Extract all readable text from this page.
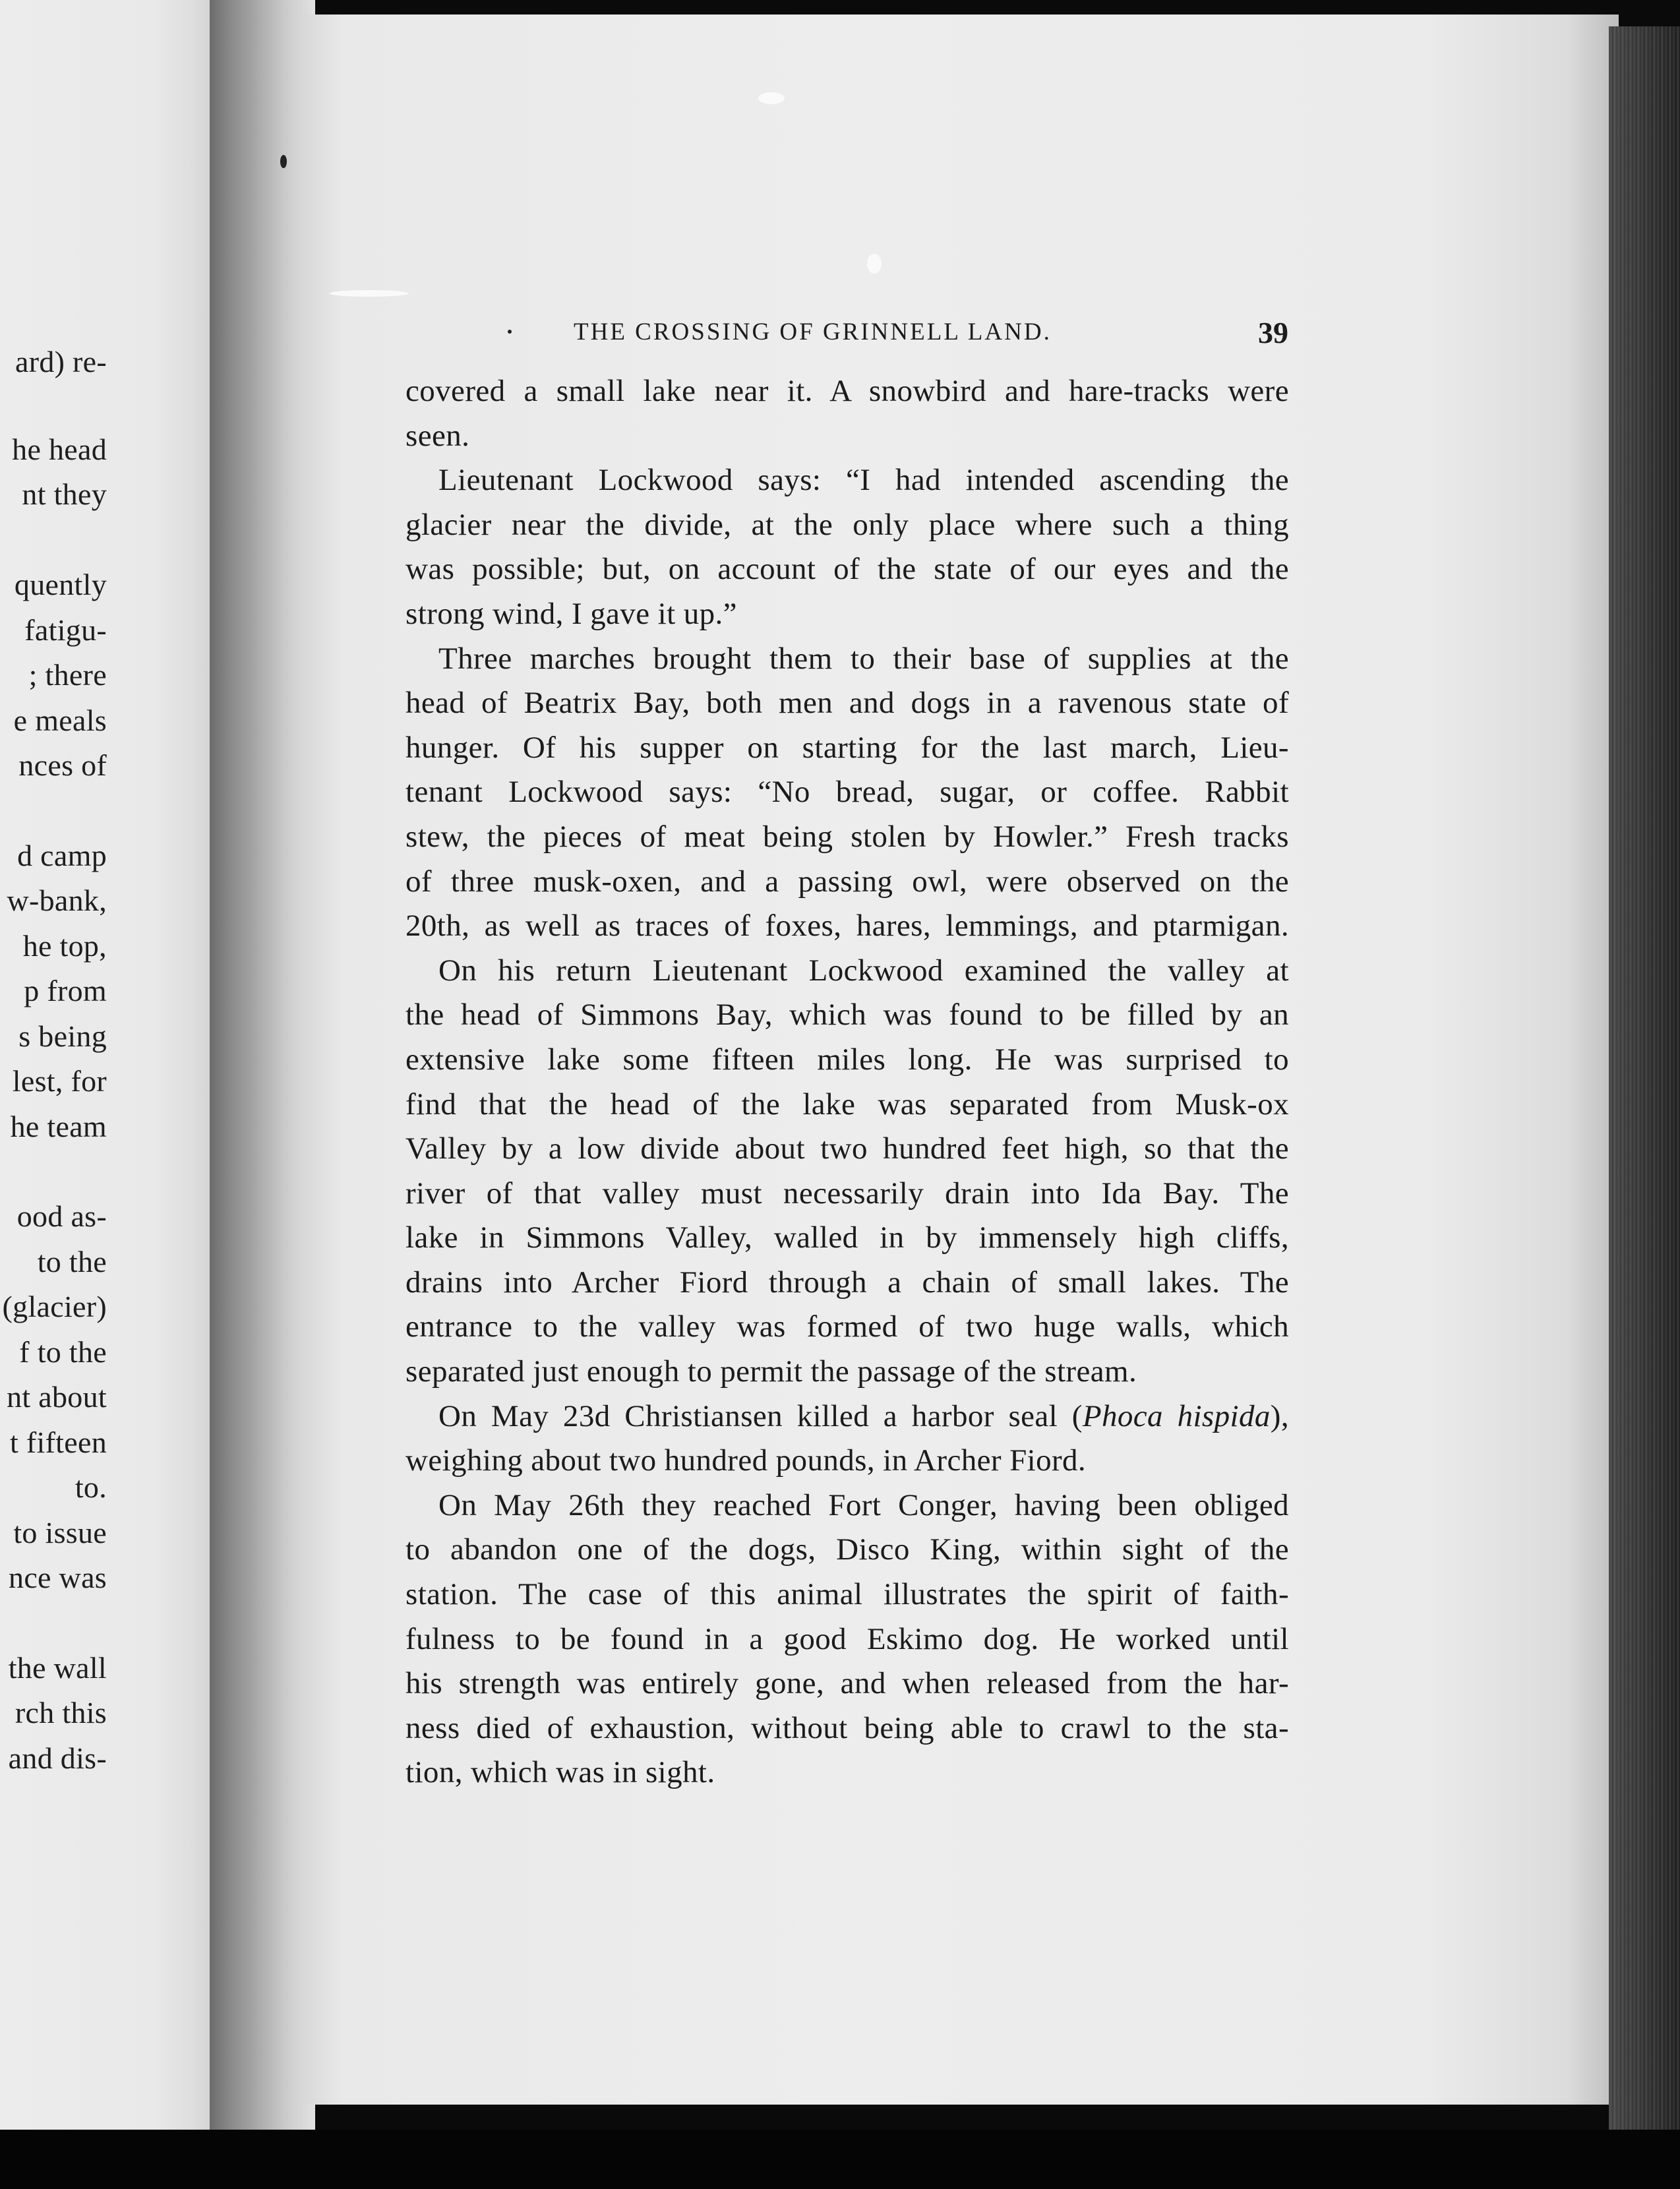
ard) re-
he head
nt they
quently
fatigu-
; there
e meals
nces of
d camp
w-bank,
he top,
p from
s being
lest, for
he team
ood as-
to the
(glacier)
f to the
nt about
t fifteen
to.
to issue
nce was
the wall
rch this
and dis-
THE CROSSING OF GRINNELL LAND.	39
covered a small lake near it. A snowbird and hare-tracks were
seen.
Lieutenant Lockwood says: “I had intended ascending the
glacier near the divide, at the only place where such a thing
was possible; but, on account of the state of our eyes and the
strong wind, I gave it up.”
Three marches brought them to their base of supplies at the
head of Beatrix Bay, both men and dogs in a ravenous state of
hunger. Of his supper on starting for the last march, Lieu-
tenant Lockwood says: “No bread, sugar, or coffee. Rabbit
stew, the pieces of meat being stolen by Howler.” Fresh tracks
of three musk-oxen, and a passing owl, were observed on the
20th, as well as traces of foxes, hares, lemmings, and ptarmigan.
On his return Lieutenant Lockwood examined the valley at
the head of Simmons Bay, which was found to be filled by an
extensive lake some fifteen miles long. He was surprised to
find that the head of the lake was separated from Musk-ox
Valley by a low divide about two hundred feet high, so that the
river of that valley must necessarily drain into Ida Bay. The
lake in Simmons Valley, walled in by immensely high cliffs,
drains into Archer Fiord through a chain of small lakes. The
entrance to the valley was formed of two huge walls, which
separated just enough to permit the passage of the stream.
On May 23d Christiansen killed a harbor seal (Phoca hispida),
weighing about two hundred pounds, in Archer Fiord.
On May 26th they reached Fort Conger, having been obliged
to abandon one of the dogs, Disco King, within sight of the
station. The case of this animal illustrates the spirit of faith-
fulness to be found in a good Eskimo dog. He worked until
his strength was entirely gone, and when released from the har-
ness died of exhaustion, without being able to crawl to the sta-
tion, which was in sight.
